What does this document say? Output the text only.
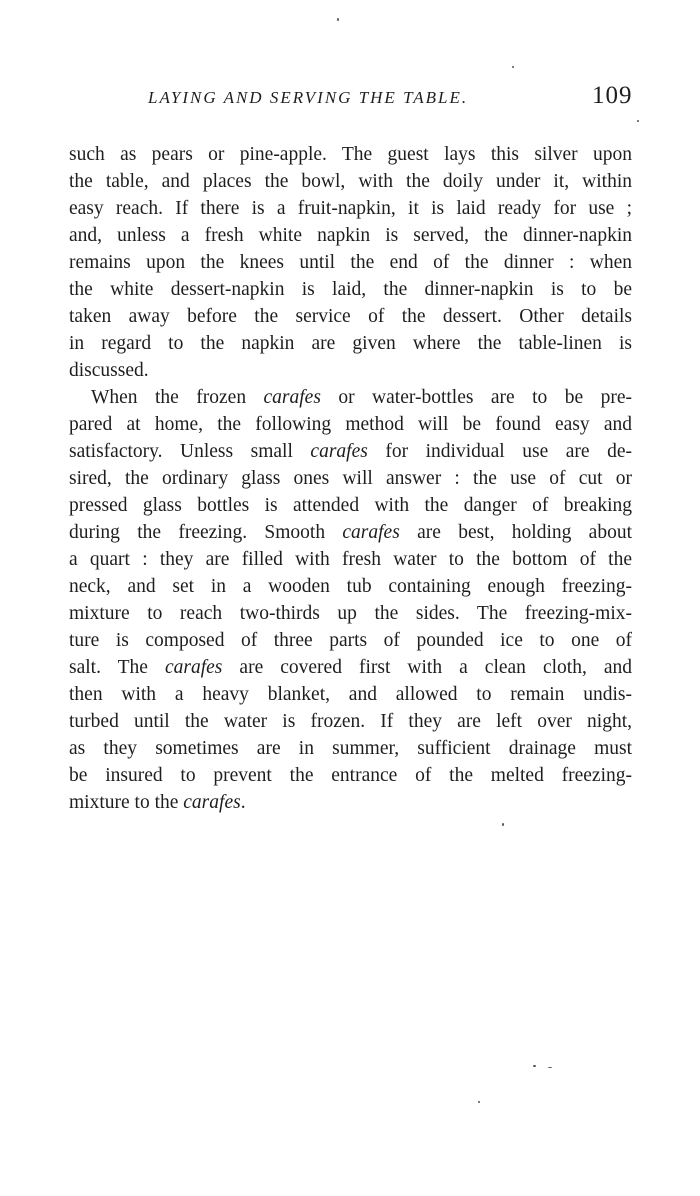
LAYING AND SERVING THE TABLE.	109
such as pears or pine-apple. The guest lays this silver upon
the table, and places the bowl, with the doily under it, within
easy reach. If there is a fruit-napkin, it is laid ready for use ;
and, unless a fresh white napkin is served, the dinner-napkin
remains upon the knees until the end of the dinner : when
the white dessert-napkin is laid, the dinner-napkin is to be
taken away before the service of the dessert. Other details
in regard to the napkin are given where the table-linen is
discussed.
When the frozen carafes or water-bottles are to be pre-
pared at home, the following method will be found easy and
satisfactory. Unless small carafes for individual use are de-
sired, the ordinary glass ones will answer : the use of cut or
pressed glass bottles is attended with the danger of breaking
during the freezing. Smooth carafes are best, holding about
a quart : they are filled with fresh water to the bottom of the
neck, and set in a wooden tub containing enough freezing-
mixture to reach two-thirds up the sides. The freezing-mix-
ture is composed of three parts of pounded ice to one of
salt. The carafes are covered first with a clean cloth, and
then with a heavy blanket, and allowed to remain undis-
turbed until the water is frozen. If they are left over night,
as they sometimes are in summer, sufficient drainage must
be insured to prevent the entrance of the melted freezing-
mixture to the carafes.
